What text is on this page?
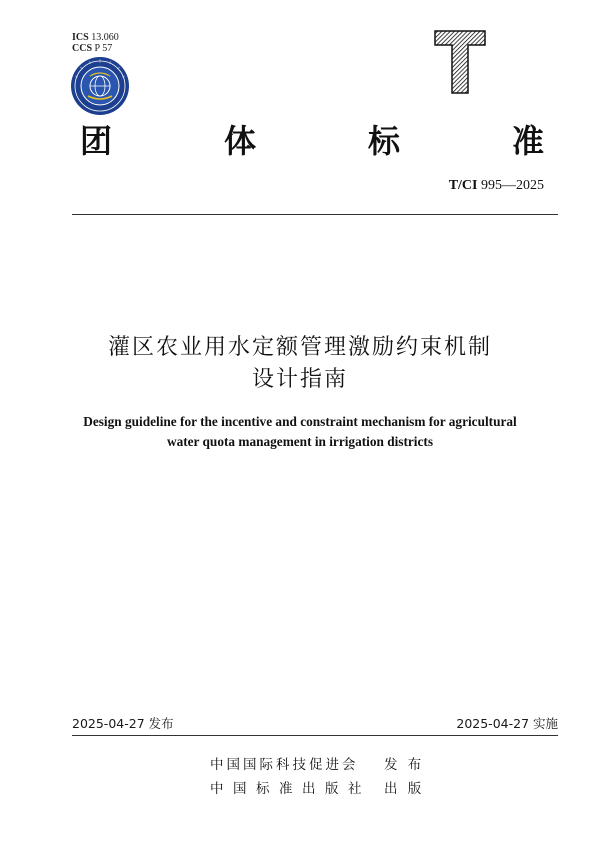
ICS 13.060
CCS P 57
团	体	标	准
T/CI 995—2025
灌区农业用水定额管理激励约束机制
设计指南
Design guideline for the incentive and constraint mechanism for agricultural
water quota management in irrigation districts
2025-04-27 发布	2025-04-27 实施
中国国际科技促进会 发 布
中国标准出版社 出 版
